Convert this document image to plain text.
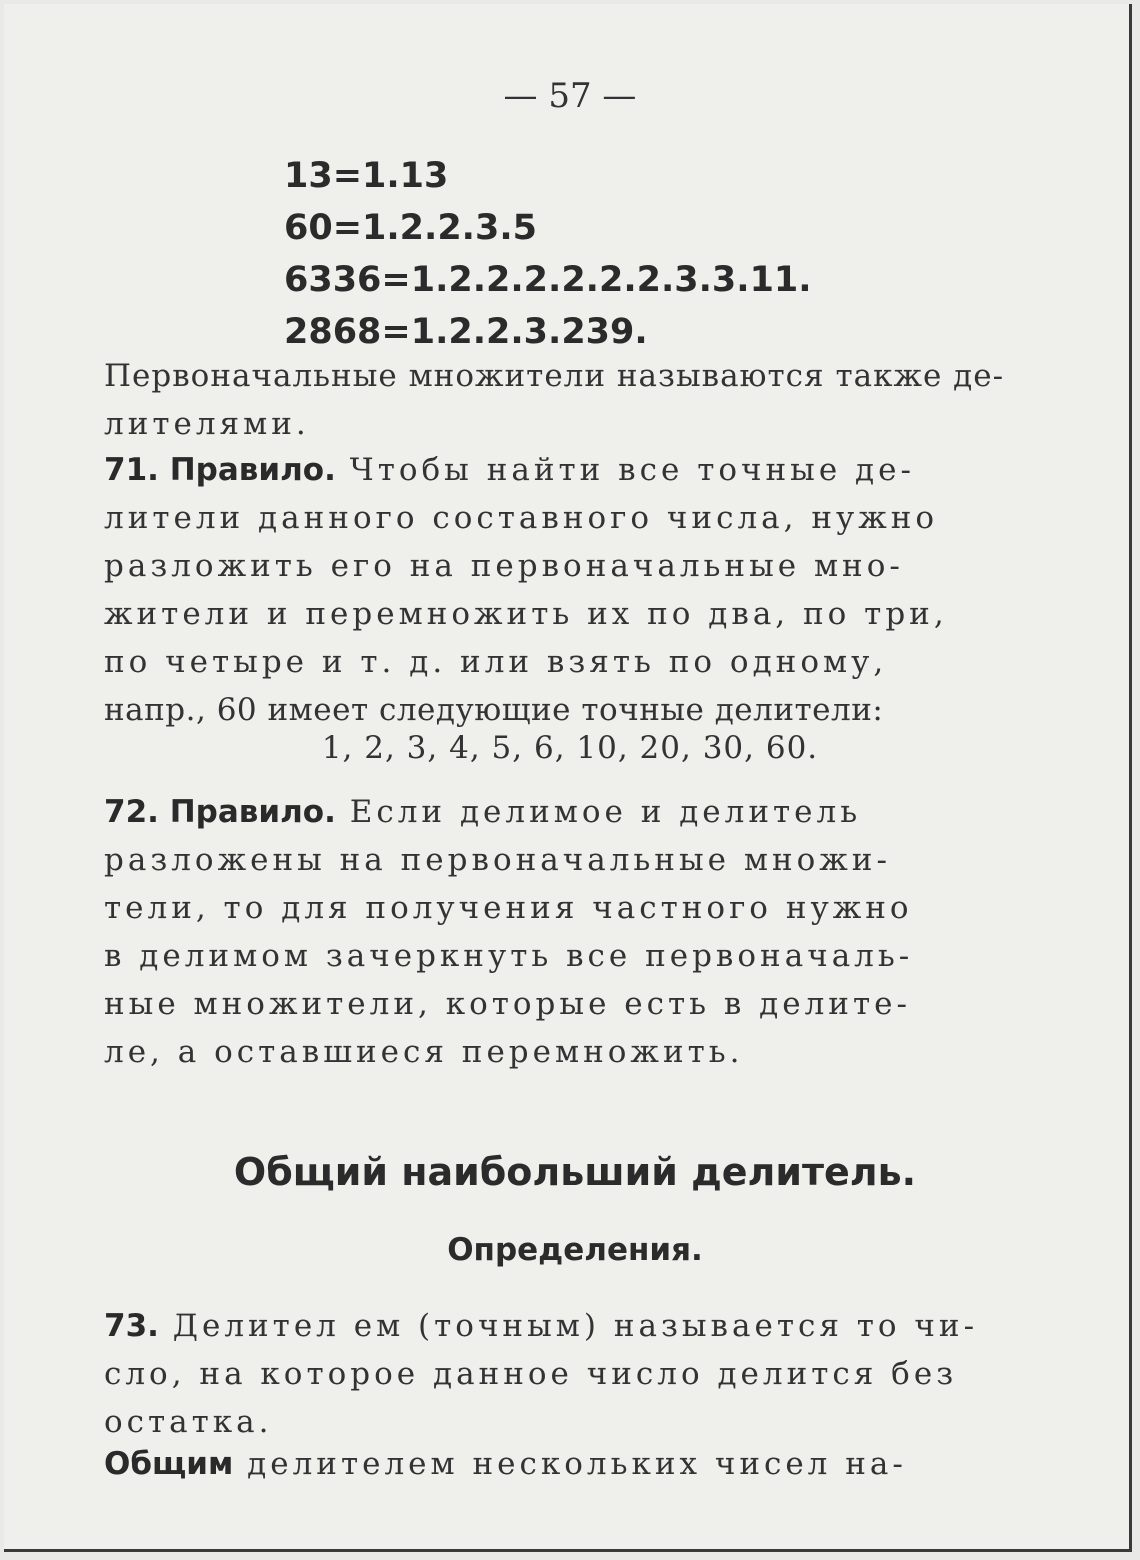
— 57 —
13=1.13
60=1.2.2.3.5
6336=1.2.2.2.2.2.2.3.3.11.
2868=1.2.2.3.239.
Первоначальные множители называются также де-
лителями.
71. Правило. Чтобы найти все точные де-
лители данного составного числа, нужно
разложить его на первоначальные мно-
жители и перемножить их по два, по три,
по четыре и т. д. или взять по одному,
напр., 60 имеет следующие точные делители:
1, 2, 3, 4, 5, 6, 10, 20, 30, 60.
72. Правило. Если делимое и делитель
разложены на первоначальные множи-
тели, то для получения частного нужно
в делимом зачеркнуть все первоначаль-
ные множители, которые есть в делите-
ле, а оставшиеся перемножить.
Общий наибольший делитель.
Определения.
73. Делител ем (точным) называется то чи-
сло, на которое данное число делится без
остатка.
Общим делителем нескольких чисел на-
